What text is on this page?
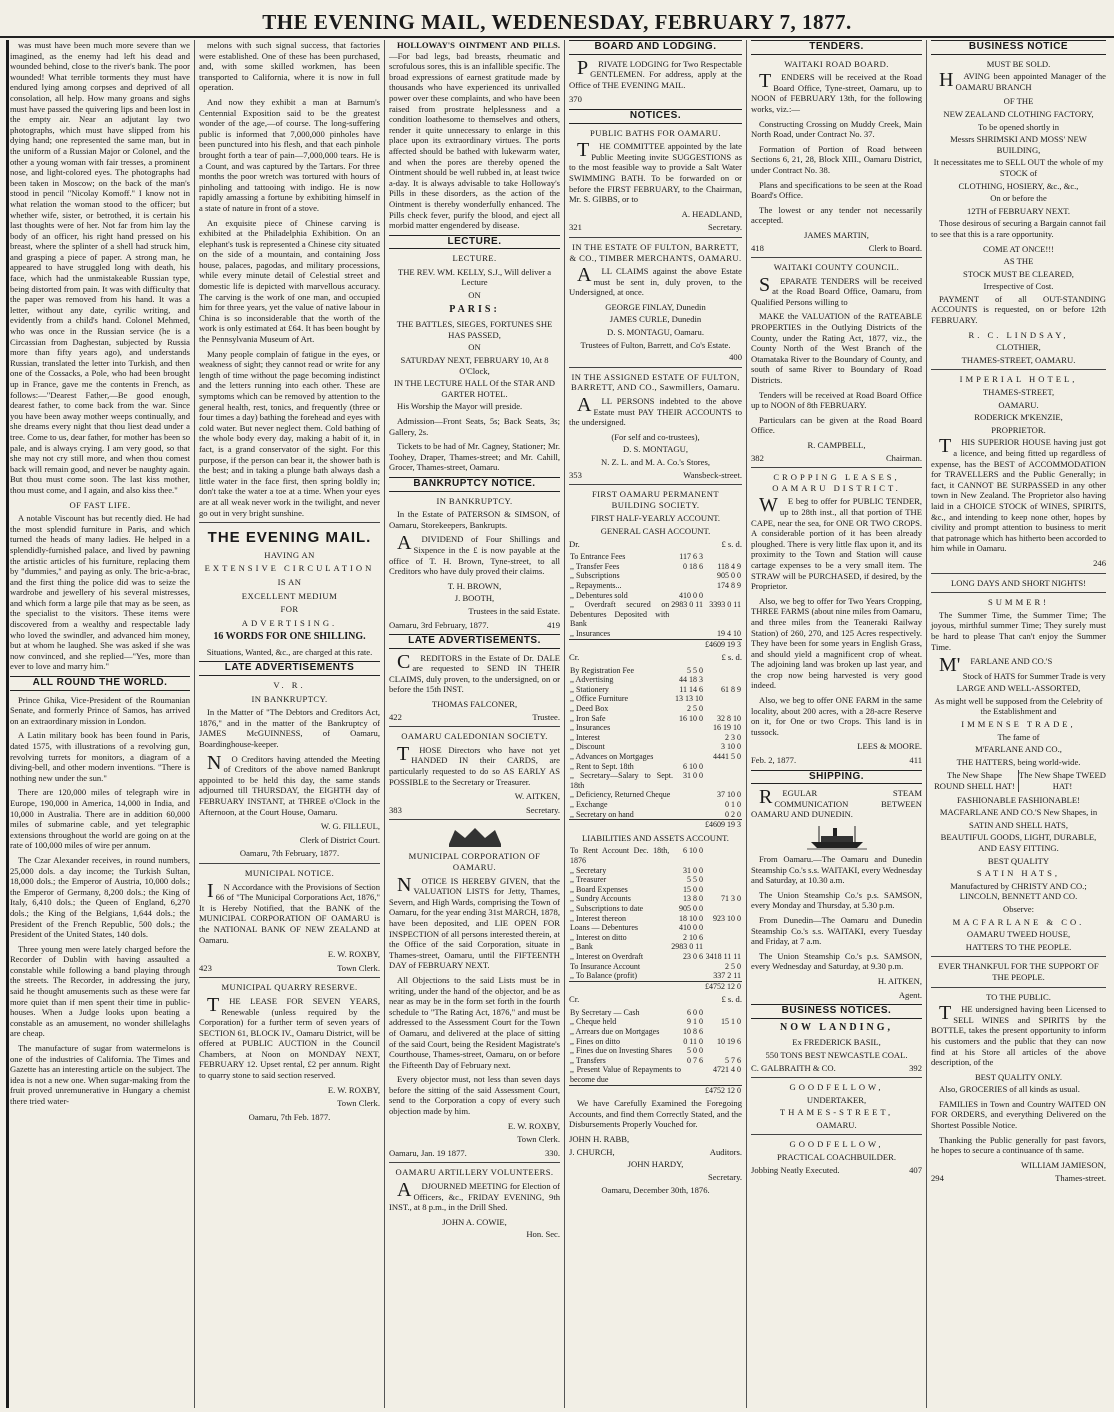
THE EVENING MAIL, WEDENESDAY, FEBRUARY 7, 1877.

was must have been much more severe than we imagined, as the enemy had left his dead and wounded behind, close to the river's bank. The poor wounded! What terrible torments they must have endured lying among corpses and deprived of all consolation, all help. How many groans and sighs must have passed the quivering lips and been lost in the empty air. Near an adjutant lay two photographs, which must have slipped from his dying hand; one represented the same man, but in the uniform of a Russian Major or Colonel, and the other a young woman with fair tresses, a prominent nose, and light-colored eyes. The photographs had been taken in Moscow; on the back of the man's stood in pencil "Nicolay Komoff." I know not in what relation the woman stood to the officer; but whether wife, sister, or betrothed, it is certain his last thoughts were of her. Not far from him lay the body of an officer, his right hand pressed on his breast, where the splinter of a shell had struck him, and grasping a piece of paper. A strong man, he appeared to have struggled long with death, his face, which had the unmistakeable Russian type, being distorted from pain. It was with difficulty that the paper was removed from his hand. It was a letter, without any date, cyrilic writing, and evidently from a child's hand. Colonel Mehmed, who was once in the Russian service (he is a Circassian from Daghestan, subjected by Russia more than fifty years ago), and understands Russian, translated the letter into Turkish, and then one of the Cossacks, a Pole, who had been brought up in France, gave me the contents in French, as follows:—"Dearest Father,—Be good enough, dearest father, to come back from the war. Since you have been away mother weeps continually, and she dreams every night that thou liest dead under a tree. Come to us, dear father, for mother has been so pale, and is always crying. I am very good, so that she may not cry still more, and when thou comest back will remain good, and never be naughty again. But thou must come soon. The last kiss mother, thou must come, and I again, and also kiss thee."

OF FAST LIFE.

A notable Viscount has but recently died. He had the most splendid furniture in Paris, and which turned the heads of many ladies. He helped in a splendidly-furnished palace, and lived by pawning the artistic articles of his furniture, replacing them by "dummies," and paying as only. The bric-a-brac, and the first thing the police did was to seize the wardrobe and jewellery of his several mistresses, and which form a large pile that may as be seen, as the specialist to the visitors. These items were discovered from a wealthy and respectable lady who loved the swindler, and advanced him money, but at whom he laughed. She was asked if she was now convinced, and she replied—"Yes, more than ever to love and marry him."

ALL ROUND THE WORLD.

Prince Ghika, Vice-President of the Roumanian Senate, and formerly Prince of Samos, has arrived on an extraordinary mission in London.

A Latin military book has been found in Paris, dated 1575, with illustrations of a revolving gun, revolving turrets for monitors, a diagram of a diving-bell, and other modern inventions. "There is nothing new under the sun."

There are 120,000 miles of telegraph wire in Europe, 190,000 in America, 14,000 in India, and 10,000 in Australia. There are in addition 60,000 miles of submarine cable, and yet telegraphic extensions throughout the world are going on at the rate of 100,000 miles of wire per annum.

The Czar Alexander receives, in round numbers, 25,000 dols. a day income; the Turkish Sultan, 18,000 dols.; the Emperor of Austria, 10,000 dols.; the Emperor of Germany, 8,200 dols.; the King of Italy, 6,410 dols.; the Queen of England, 6,270 dols.; the King of the Belgians, 1,644 dols.; the President of the French Republic, 500 dols.; the President of the United States, 140 dols.

Three young men were lately charged before the Recorder of Dublin with having assaulted a constable while following a band playing through the streets. The Recorder, in addressing the jury, said he thought amusements such as these were far more quiet than if men spent their time in public-houses. When a Judge looks upon beating a constable as an amusement, no wonder shillelaghs are cheap.

The manufacture of sugar from watermelons is one of the industries of California. The Times and Gazette has an interesting article on the subject. The idea is not a new one. When sugar-making from the fruit proved unremunerative in Hungary a chemist there tried water-

melons with such signal success, that factories were established. One of these has been purchased, and, with some skilled workmen, has been transported to California, where it is now in full operation.

And now they exhibit a man at Barnum's Centennial Exposition said to be the greatest wonder of the age,—of course. The long-suffering public is informed that 7,000,000 pinholes have been punctured into his flesh, and that each pinhole brought forth a tear of pain—7,000,000 tears. He is a Count, and was captured by the Tartars. For three months the poor wretch was tortured with hours of pinholing and tattooing with indigo. He is now rapidly amassing a fortune by exhibiting himself in a state of nature in front of a stove.

An exquisite piece of Chinese carving is exhibited at the Philadelphia Exhibition. On an elephant's tusk is represented a Chinese city situated on the side of a mountain, and containing Joss house, palaces, pagodas, and military processions, while every minute detail of Celestial street and domestic life is depicted with marvellous accuracy. The carving is the work of one man, and occupied him for three years, yet the value of native labour in China is so inconsiderable that the worth of the work is only estimated at £64. It has been bought by the Pennsylvania Museum of Art.

Many people complain of fatigue in the eyes, or weakness of sight; they cannot read or write for any length of time without the page becoming indistinct and the letters running into each other. These are symptoms which can be removed by attention to the general health, rest, tonics, and frequently (three or four times a day) bathing the forehead and eyes with cold water. But never neglect them. Cold bathing of the whole body every day, making a habit of it, in fact, is a grand conservator of the sight. For this purpose, if the person can bear it, the shower bath is the best; and in taking a plunge bath always dash a little water in the face first, then spring boldly in; don't take the water a toe at a time. When your eyes are at all weak never work in the twilight, and never go out in very bright sunshine.

THE EVENING MAIL.
HAVING AN
EXTENSIVE CIRCULATION
IS AN
EXCELLENT MEDIUM
FOR
ADVERTISING.
16 WORDS FOR ONE SHILLING.
Situations, Wanted, &c., are charged at this rate.
LATE ADVERTISEMENTS
V. R.
IN BANKRUPTCY.

In the Matter of "The Debtors and Creditors Act, 1876," and in the matter of the Bankruptcy of JAMES McGUINNESS, of Oamaru, Boardinghouse-keeper.

NO Creditors having attended the Meeting of Creditors of the above named Bankrupt appointed to be held this day, the same stands adjourned till THURSDAY, the EIGHTH day of FEBRUARY INSTANT, at THREE o'Clock in the Afternoon, at the Court House, Oamaru.

W. G. FILLEUL,
Clerk of District Court.
Oamaru, 7th February, 1877.
MUNICIPAL NOTICE.

IN Accordance with the Provisions of Section 66 of "The Municipal Corporations Act, 1876," It is Hereby Notified, that the BANK of the MUNICIPAL CORPORATION OF OAMARU is the NATIONAL BANK OF NEW ZEALAND at Oamaru.

E. W. ROXBY,
423	Town Clerk.
MUNICIPAL QUARRY RESERVE.

THE LEASE FOR SEVEN YEARS, Renewable (unless required by the Corporation) for a further term of seven years of SECTION 61, BLOCK IV., Oamaru District, will be offered at PUBLIC AUCTION in the Council Chambers, at Noon on MONDAY NEXT, FEBRUARY 12. Upset rental, £2 per annum. Right to quarry stone to said section reserved.

E. W. ROXBY,
Town Clerk.
Oamaru, 7th Feb. 1877.

HOLLOWAY'S OINTMENT AND PILLS.—For bad legs, bad breasts, rheumatic and scrofulous sores, this is an infallible specific. The broad expressions of earnest gratitude made by thousands who have experienced its unrivalled power over these complaints, and who have been raised from prostrate helplessness and a condition loathesome to themselves and others, render it quite unnecessary to enlarge in this place upon its extraordinary virtues. The ports affected should be bathed with lukewarm water, and when the pores are thereby opened the Ointment should be well rubbed in, at least twice a-day. It is always advisable to take Holloway's Pills in these disorders, as the action of the Ointment is thereby wonderfully enhanced. The Pills check fever, purify the blood, and eject all morbid matter engendered by disease.

LECTURE.
LECTURE.
THE REV. WM. KELLY, S.J., Will deliver a Lecture
ON
PARIS:
THE BATTLES, SIEGES, FORTUNES SHE HAS PASSED,
ON
SATURDAY NEXT, FEBRUARY 10, At 8 O'Clock,
IN THE LECTURE HALL Of the STAR AND GARTER HOTEL.

His Worship the Mayor will preside.

Admission—Front Seats, 5s; Back Seats, 3s; Gallery, 2s.

Tickets to be had of Mr. Cagney, Stationer; Mr. Toohey, Draper, Thames-street; and Mr. Cahill, Grocer, Thames-street, Oamaru.

BANKRUPTCY NOTICE.
IN BANKRUPTCY.

In the Estate of PATERSON & SIMSON, of Oamaru, Storekeepers, Bankrupts.

ADIVIDEND of Four Shillings and Sixpence in the £ is now payable at the office of T. H. Brown, Tyne-street, to all Creditors who have duly proved their claims.

T. H. BROWN,
J. BOOTH,
Trustees in the said Estate.
Oamaru, 3rd February, 1877.	419
LATE ADVERTISEMENTS.

CREDITORS in the Estate of Dr. DALE are requested to SEND IN THEIR CLAIMS, duly proven, to the undersigned, on or before the 15th INST.

THOMAS FALCONER,
422	Trustee.
OAMARU CALEDONIAN SOCIETY.

THOSE Directors who have not yet HANDED IN their CARDS, are particularly requested to do so AS EARLY AS POSSIBLE to the Secretary or Treasurer.

W. AITKEN,
383	Secretary.
MUNICIPAL CORPORATION OF OAMARU.

NOTICE IS HEREBY GIVEN, that the VALUATION LISTS for Jetty, Thames, Severn, and High Wards, comprising the Town of Oamaru, for the year ending 31st MARCH, 1878, have been deposited, and LIE OPEN FOR INSPECTION of all persons interested therein, at the Office of the said Corporation, situate in Thames-street, Oamaru, until the FIFTEENTH DAY of FEBRUARY NEXT.

All Objections to the said Lists must be in writing, under the hand of the objector, and be as near as may be in the form set forth in the fourth schedule to "The Rating Act, 1876," and must be addressed to the Assessment Court for the Town of Oamaru, and delivered at the place of sitting of the said Court, being the Resident Magistrate's Courthouse, Thames-street, Oamaru, on or before the Fifteenth Day of February next.

Every objector must, not less than seven days before the sitting of the said Assessment Court, send to the Corporation a copy of every such objection made by him.

E. W. ROXBY,
Town Clerk.
Oamaru, Jan. 19 1877.	330.
OAMARU ARTILLERY VOLUNTEERS.

ADJOURNED MEETING for Election of Officers, &c., FRIDAY EVENING, 9th INST., at 8 p.m., in the Drill Shed.

JOHN A. COWIE,
Hon. Sec.
BOARD AND LODGING.

PRIVATE LODGING for Two Respectable GENTLEMEN. For address, apply at the Office of THE EVENING MAIL.

370
NOTICES.
PUBLIC BATHS FOR OAMARU.

THE COMMITTEE appointed by the late Public Meeting invite SUGGESTIONS as to the most feasible way to provide a Salt Water SWIMMING BATH. To be forwarded on or before the FIRST FEBRUARY, to the Chairman, Mr. S. GIBBS, or to

A. HEADLAND,
321	Secretary.
IN THE ESTATE OF FULTON, BARRETT, & CO., TIMBER MERCHANTS, OAMARU.

ALL CLAIMS against the above Estate must be sent in, duly proven, to the Undersigned, at once.

GEORGE FINLAY, Dunedin
JAMES CURLE, Dunedin
D. S. MONTAGU, Oamaru.
Trustees of Fulton, Barrett, and Co's Estate.
400
IN THE ASSIGNED ESTATE OF FULTON, BARRETT, AND CO., Sawmillers, Oamaru.

ALL PERSONS indebted to the above Estate must PAY THEIR ACCOUNTS to the undersigned.

(For self and co-trustees),
D. S. MONTAGU,
N. Z. L. and M. A. Co.'s Stores,
353	Wansbeck-street.
FIRST OAMARU PERMANENT BUILDING SOCIETY.
FIRST HALF-YEARLY ACCOUNT.
GENERAL CASH ACCOUNT.
Dr.	£ s. d.
To Entrance Fees	117 6 3	
,, Transfer Fees	0 18 6	118 4 9
,, Subscriptions		905 0 0
,, Repayments...		174 8 9
,, Debentures sold	410 0 0	
,, Overdraft secured on Debentures Deposited with Bank	2983 0 11	3393 0 11
,, Insurances		19 4 10
		£4609 19 3
Cr.	£ s. d.
By Registration Fee	5 5 0	
,, Advertising	44 18 3	
,, Stationery	11 14 6	61 8 9
,, Office Furniture	13 13 10	
,, Deed Box	2 5 0	
,, Iron Safe	16 10 0	32 8 10
,, Insurances		16 19 10
,, Interest		2 3 0
,, Discount		3 10 0
,, Advances on Mortgages		4441 5 0
,, Rent to Sept. 18th	6 10 0	
,, Secretary—Salary to Sept. 18th	31 0 0	
,, Deficiency, Returned Cheque		37 10 0
,, Exchange		0 1 0
,, Secretary on hand		0 2 0
		£4609 19 3
LIABILITIES AND ASSETS ACCOUNT.
To Rent Account Dec. 18th, 1876	6 10 0	
,, Secretary	31 0 0	
,, Treasurer	5 5 0	
,, Board Expenses	15 0 0	
,, Sundry Accounts	13 8 0	71 3 0
,, Subscriptions to date	905 0 0	
,, Interest thereon	18 10 0	923 10 0
Loans — Debentures	410 0 0	
,, Interest on ditto	2 10 6	
,, Bank	2983 0 11	
,, Interest on Overdraft	23 0 6	3418 11 11
To Insurance Account		2 5 0
,, To Balance (profit)		337 2 11
		£4752 12 0
Cr.	£ s. d.
By Secretary — Cash	6 0 0	
,, Cheque held	9 1 0	15 1 0
,, Arrears due on Mortgages	10 8 6	
,, Fines on ditto	0 11 0	10 19 6
,, Fines due on Investing Shares	5 0 0	
,, Transfers	0 7 6	5 7 6
,, Present Value of Repayments to become due		4721 4 0
		£4752 12 0

We have Carefully Examined the Foregoing Accounts, and find them Correctly Stated, and the Disbursements Properly Vouched for.

JOHN H. RABB,
J. CHURCH,	Auditors.
JOHN HARDY,
Secretary.
Oamaru, December 30th, 1876.
TENDERS.
WAITAKI ROAD BOARD.

TENDERS will be received at the Road Board Office, Tyne-street, Oamaru, up to NOON of FEBRUARY 13th, for the following works, viz.:—

Constructing Crossing on Muddy Creek, Main North Road, under Contract No. 37.

Formation of Portion of Road between Sections 6, 21, 28, Block XIII., Oamaru District, under Contract No. 38.

Plans and specifications to be seen at the Road Board's Office.

The lowest or any tender not necessarily accepted.

JAMES MARTIN,
418	Clerk to Board.
WAITAKI COUNTY COUNCIL.

SEPARATE TENDERS will be received at the Road Board Office, Oamaru, from Qualified Persons willing to

MAKE the VALUATION of the RATEABLE PROPERTIES in the Outlying Districts of the County, under the Rating Act, 1877, viz., the County North of the West Branch of the Otamataka River to the Boundary of County, and south of same River to Boundary of Road Districts.

Tenders will be received at Road Board Office up to NOON of 8th FEBRUARY.

Particulars can be given at the Road Board Office.

R. CAMPBELL,
382	Chairman.
CROPPING LEASES, OAMARU DISTRICT.

WE beg to offer for PUBLIC TENDER, up to 28th inst., all that portion of THE CAPE, near the sea, for ONE OR TWO CROPS. A considerable portion of it has been already ploughed. There is very little flax upon it, and its proximity to the Town and Station will cause cartage expenses to be a very small item. The STRAW will be PURCHASED, if desired, by the Proprietor.

Also, we beg to offer for Two Years Cropping, THREE FARMS (about nine miles from Oamaru, and three miles from the Teaneraki Railway Station) of 260, 270, and 125 Acres respectively. They have been for some years in English Grass, and should yield a magnificent crop of wheat. The adjoining land was broken up last year, and the crop now being harvested is very good indeed.

Also, we beg to offer ONE FARM in the same locality, about 200 acres, with a 28-acre Reserve on it, for One or two Crops. This land is in tussock.

LEES & MOORE.
Feb. 2, 1877.	411
SHIPPING.

REGULAR STEAM COMMUNICATION BETWEEN OAMARU AND DUNEDIN.

From Oamaru.—The Oamaru and Dunedin Steamship Co.'s s.s. WAITAKI, every Wednesday and Saturday, at 10.30 a.m.

The Union Steamship Co.'s p.s. SAMSON, every Monday and Thursday, at 5.30 p.m.

From Dunedin—The Oamaru and Dunedin Steamship Co.'s s.s. WAITAKI, every Tuesday and Friday, at 7 a.m.

The Union Steamship Co.'s p.s. SAMSON, every Wednesday and Saturday, at 9.30 p.m.

H. AITKEN,
Agent.
BUSINESS NOTICES.
NOW LANDING,
Ex FREDERICK BASIL,
550 TONS BEST NEWCASTLE COAL.
C. GALBRAITH & CO.	392
GOODFELLOW,
UNDERTAKER,
THAMES-STREET,
OAMARU.
GOODFELLOW,
PRACTICAL COACHBUILDER.
Jobbing Neatly Executed.	407
BUSINESS NOTICE
MUST BE SOLD.

HAVING been appointed Manager of the OAMARU BRANCH

OF THE
NEW ZEALAND CLOTHING FACTORY,
To be opened shortly in
Messrs SHRIMSKI AND MOSS' NEW BUILDING,
It necessitates me to SELL OUT the whole of my STOCK of
CLOTHING, HOSIERY, &c., &c.,
On or before the
12TH of FEBRUARY NEXT.

Those desirous of securing a Bargain cannot fail to see that this is a rare opportunity.

COME AT ONCE!!!
AS THE
STOCK MUST BE CLEARED,
Irrespective of Cost.

PAYMENT of all OUT-STANDING ACCOUNTS is requested, on or before 12th FEBRUARY.

R. C. LINDSAY,
CLOTHIER,
THAMES-STREET, OAMARU.
IMPERIAL HOTEL,
THAMES-STREET,
OAMARU.
RODERICK M'KENZIE,
PROPRIETOR.

THIS SUPERIOR HOUSE having just got a licence, and being fitted up regardless of expense, has the BEST of ACCOMMODATION for TRAVELLERS and the Public Generally; in fact, it CANNOT BE SURPASSED in any other town in New Zealand. The Proprietor also having laid in a CHOICE STOCK of WINES, SPIRITS, &c., and intending to keep none other, hopes by civility and prompt attention to business to merit that patronage which has hitherto been accorded to him while in Oamaru.

246
LONG DAYS AND SHORT NIGHTS!
SUMMER!

The Summer Time, the Summer Time; The joyous, mirthful summer Time; They surely must be hard to please That can't enjoy the Summer Time.

M'FARLANE AND CO.'S

Stock of HATS for Summer Trade is very
LARGE AND WELL-ASSORTED,
As might well be supposed from the Celebrity of the Establishment and
IMMENSE TRADE,
The fame of
M'FARLANE AND CO.,
THE HATTERS, being world-wide.
The New Shape ROUND SHELL HAT!
The New Shape TWEED HAT!
FASHIONABLE FASHIONABLE!
MACFARLANE AND CO.'S New Shapes, in
SATIN AND SHELL HATS,
BEAUTIFUL GOODS, LIGHT, DURABLE, AND EASY FITTING.
BEST QUALITY
SATIN HATS,
Manufactured by CHRISTY AND CO.; LINCOLN, BENNETT AND CO.
Observe:
MACFARLANE & CO.
OAMARU TWEED HOUSE,
HATTERS TO THE PEOPLE.
EVER THANKFUL FOR THE SUPPORT OF THE PEOPLE.
TO THE PUBLIC.

THE undersigned having been Licensed to SELL WINES and SPIRITS by the BOTTLE, takes the present opportunity to inform his customers and the public that they can now find at his Store all articles of the above description, of the

BEST QUALITY ONLY.

Also, GROCERIES of all kinds as usual.

FAMILIES in Town and Country WAITED ON FOR ORDERS, and everything Delivered on the Shortest Possible Notice.

Thanking the Public generally for past favors, he hopes to secure a continuance of th same.

WILLIAM JAMIESON,
294	Thames-street.
